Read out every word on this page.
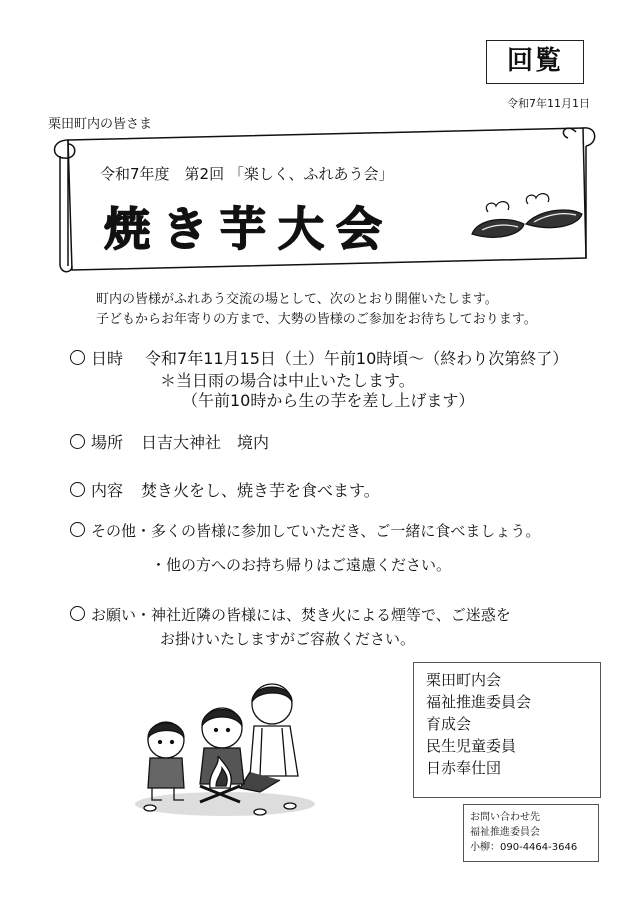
回覧
令和7年11月1日
栗田町内の皆さま
令和7年度　第2回 「楽しく、ふれあう会」
焼き芋大会
町内の皆様がふれあう交流の場として、次のとおり開催いたします。
子どもからお年寄りの方まで、大勢の皆様のご参加をお待ちしております。
日時 令和7年11月15日（土）午前10時頃～（終わり次第終了）
＊当日雨の場合は中止いたします。
（午前10時から生の芋を差し上げます）
場所 日吉大神社　境内
内容 焚き火をし、焼き芋を食べます。
その他・多くの皆様に参加していただき、ご一緒に食べましょう。
・他の方へのお持ち帰りはご遠慮ください。
お願い・神社近隣の皆様には、焚き火による煙等で、ご迷惑を
お掛けいたしますがご容赦ください。
栗田町内会
福祉推進委員会
育成会
民生児童委員
日赤奉仕団
お問い合わせ先
福祉推進委員会
小柳：090-4464-3646
